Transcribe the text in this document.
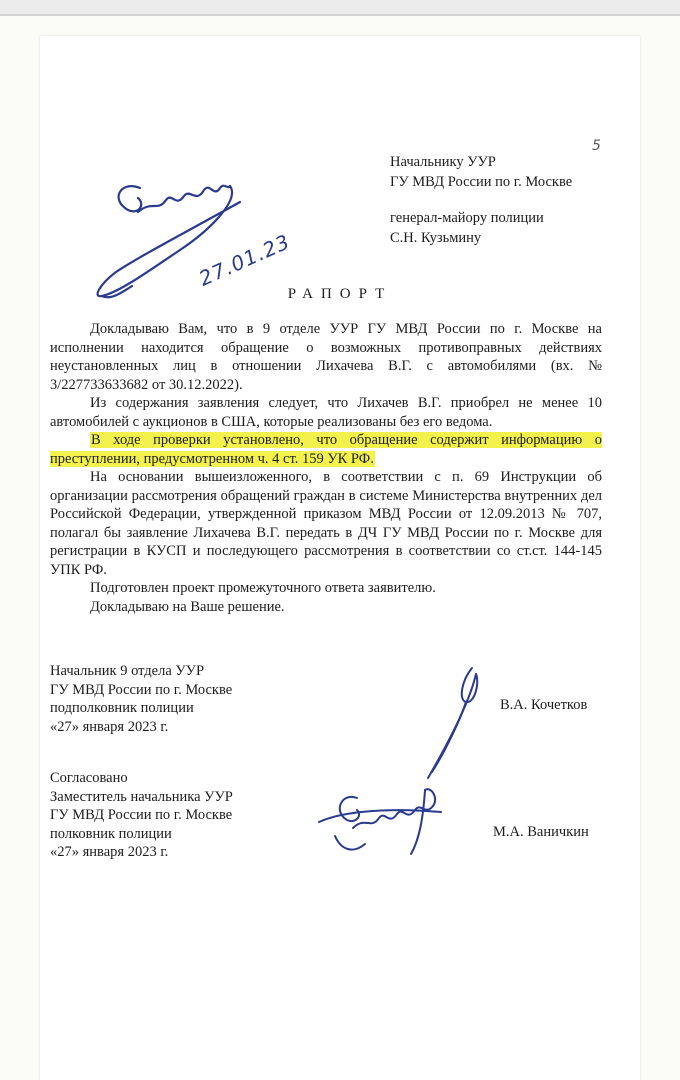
5
Начальнику УУР
ГУ МВД России по г. Москве
генерал-майору полиции
С.Н. Кузьмину
27.01.23
РАПОРТ

Докладываю Вам, что в 9 отделе УУР ГУ МВД России по г. Москве на исполнении находится обращение о возможных противоправных действиях неустановленных лиц в отношении Лихачева В.Г. с автомобилями (вх. № 3/227733633682 от 30.12.2022).

Из содержания заявления следует, что Лихачев В.Г. приобрел не менее 10 автомобилей с аукционов в США, которые реализованы без его ведома.

В ходе проверки установлено, что обращение содержит информацию о преступлении, предусмотренном ч. 4 ст. 159 УК РФ.

На основании вышеизложенного, в соответствии с п. 69 Инструкции об организации рассмотрения обращений граждан в системе Министерства внутренних дел Российской Федерации, утвержденной приказом МВД России от 12.09.2013 № 707, полагал бы заявление Лихачева В.Г. передать в ДЧ ГУ МВД России по г. Москве для регистрации в КУСП и последующего рассмотрения в соответствии со ст.ст. 144-145 УПК РФ.

Подготовлен проект промежуточного ответа заявителю.

Докладываю на Ваше решение.

Начальник 9 отдела УУР
ГУ МВД России по г. Москве
подполковник полиции
«27» января 2023 г.
В.А. Кочетков
Согласовано
Заместитель начальника УУР
ГУ МВД России по г. Москве
полковник полиции
«27» января 2023 г.
М.А. Ваничкин
